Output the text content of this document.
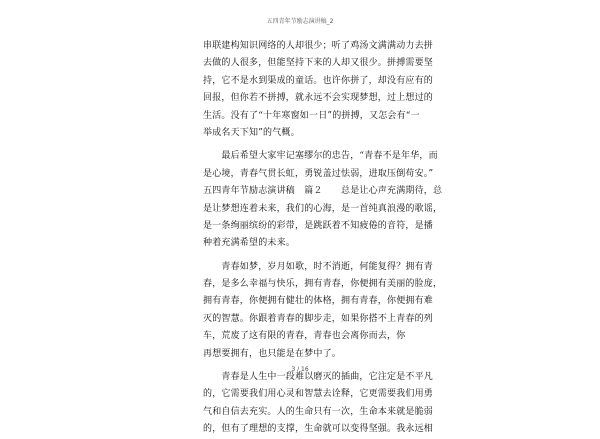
五四青年节励志演讲稿_2
串联建构知识网络的人却很少；听了鸡汤文满满动力去拼
去做的人很多，但能坚持下来的人却又很少。拼搏需要坚
持，它不是水到渠成的童话。也许你拼了，却没有应有的
回报，但你若不拼搏，就永远不会实现梦想，过上想过的
生活。没有了“十年寒窗如一日”的拼搏，又怎会有“一
举成名天下知”的气概。
　　最后希望大家牢记塞缪尔的忠告，“青春不是年华，而
是心境，青春气贯长虹，勇锐盖过怯弱，进取压倒苟安。”
五四青年节励志演讲稿　篇２　　总是让心声充满期待，总
是让梦想连着未来，我们的心海，是一首纯真浪漫的歌谣，
是一条绚丽缤纷的彩带，是跳跃着不知疲倦的音符，是播
种着充满希望的未来。
　　青春如梦，岁月如歌，时不消逝，何能复得？拥有青
春，是多么幸福与快乐，拥有青春，你便拥有美丽的脸庞，
拥有青春，你便拥有健壮的体格，拥有青春，你便拥有难
灭的智慧。你跟着青春的脚步走，如果你搭不上青春的列
车，荒废了这有限的青春，青春也会离你而去，你
再想要拥有，也只能是在梦中了。
　　青春是人生中一段难以磨灭的插曲，它注定是不平凡
的，它需要我们用心灵和智慧去诠释，它更需要我们用勇
气和自信去充实。人的生命只有一次，生命本来就是脆弱
的，但有了理想的支撑，生命就可以变得坚强。我永远相
3 / 16
